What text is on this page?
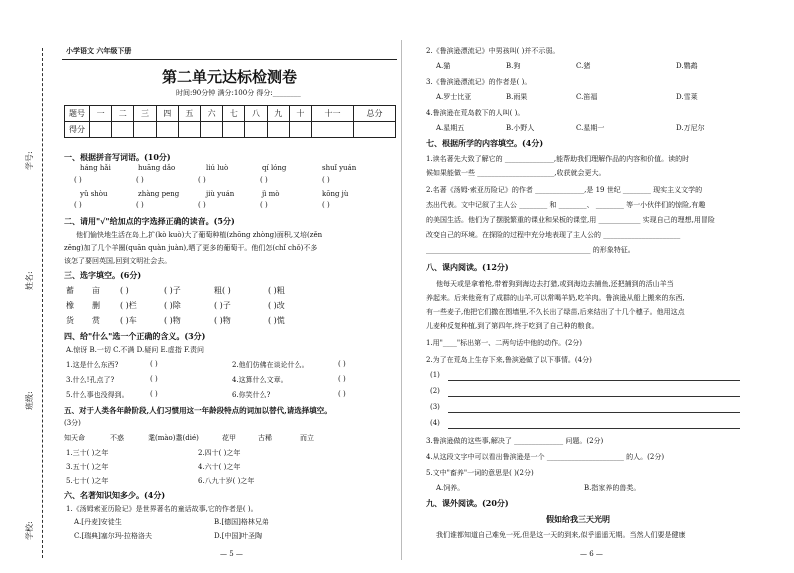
小学语文 六年级下册
学号:
姓名:
班级:
学校:
第二单元达标检测卷
时间:90分钟 满分:100分 得分:________
题号	一	二	三	四	五	六	七	八	九	十	十一	总分
得分												
一、根据拼音写词语。(10分)
háng hǎi	huāng dǎo	liú luò	qí lóng	shuǐ yuán
( )	( )	( )	( )	( )
yǔ shòu	zhàng peng	jiù yuán	jì mò	kōng jù
( )	( )	( )	( )	( )
二、请用"√"给加点的字选择正确的读音。(5分)
他们愉快地生活在岛上,扩(kò kuò)大了葡萄种植(zhōng zhòng)面积,又培(zěn
zēng)加了几个羊圈(quān quàn juàn),晒了更多的葡萄干。他们怎(chǐ chǒ)不多
该怎了要回英国,回到文明社会去。
三、选字填空。(6分)
蓄 亩	( )	( )子	粗( )	( )粗
橡 删	( )栏	( )除	( )子	( )改
货 赏	( )车	( )物	( )物	( )慌
四、给"什么"选一个正确的含义。(3分)
A.惊讶 B.一切 C.不满 D.疑问 E.虚指 F.责问
1.这是什么东西?	( )	2.他们仿佛在谈论什么。	( )
3.什么!孔点了?	( )	4.这算什么文章。	( )
5.什么事也没得到。	( )	6.你笑什么?	( )
五、对于人类各年龄阶段,人们习惯用这一年龄段特点的词加以替代,请选择填空。
(3分)
知天命	不惑	耄(mào)耋(dié)	花甲	古稀	而立
1.三十( )之年	2.四十( )之年
3.五十( )之年	4.六十( )之年
5.七十( )之年	6.八九十岁( )之年
六、名著知识知多少。(4分)
1.《汤姆索亚历险记》是世界著名的童话故事,它的作者是( )。
A.[丹麦]安徒生	B.[德国]格林兄弟
C.[瑞典]塞尔玛·拉格洛夫	D.[中国]叶圣陶
— 5 —
2.《鲁滨逊漂流记》中男孩叫( )并不示弱。
A.猫	B.狗	C.猪	D.鹦鹉
3.《鲁滨逊漂流记》的作者是( )。
A.罗士比亚	B.雨果	C.笛福	D.雪莱
4.鲁滨逊在荒岛救下的人叫( )。
A.星期五	B.小野人	C.星期一	D.万尼尔
七、根据所学的内容填空。(4分)
1.读名著先大致了解它的 ______________,能帮助我们理解作品的内容和价值。读的时
候如果能做一些 ______________________,收获就会更大。
2.名著《汤姆·索亚历险记》的作者 ______________,是 19 世纪 ________ 现实主义文学的
杰出代表。文中记叙了主人公 ________ 和 ________、 ________ 等一小伙伴们的惊险,有趣
的美国生活。他们为了摆脱繁重的课业和呆板的课堂,用 ____________ 实现自己的理想,用冒险
改变自己的环境。在探险的过程中充分地表现了主人公的 ______________________
_______________________________________________ 的形象特征。
八、课内阅读。(12分)
他每天或是拿着枪,带着狗到海边去打猎,或到海边去捕鱼,还把捕到的活山羊当
养起来。后来他竟有了成群的山羊,可以常喝羊奶,吃羊肉。鲁滨逊从船上搬来的东西,
有一些麦子,他把它们撒在围墙里,不久长出了绿苗,后来结出了十几个穗子。他用这点
儿麦种反复种植,到了第四年,终于吃到了自己种的粮食。
1.用"____"标出第一、二两句话中他的动作。(2分)
2.为了在荒岛上生存下来,鲁滨逊做了以下事情。(4分)
(1)
(2)
(3)
(4)
3.鲁滨逊做的这些事,解决了 ______________ 问题。(2分)
4.从这段文字中可以看出鲁滨逊是一个 ______________________ 的人。(2分)
5.文中"畜养"一词的意思是( )(2分)
A.饲养。	B.指家养的兽类。
九、课外阅读。(20分)
假如给我三天光明
我们谁都知道自己难免一死,但是这一天的到来,似乎遥遥无期。当然人们要是健康
— 6 —
